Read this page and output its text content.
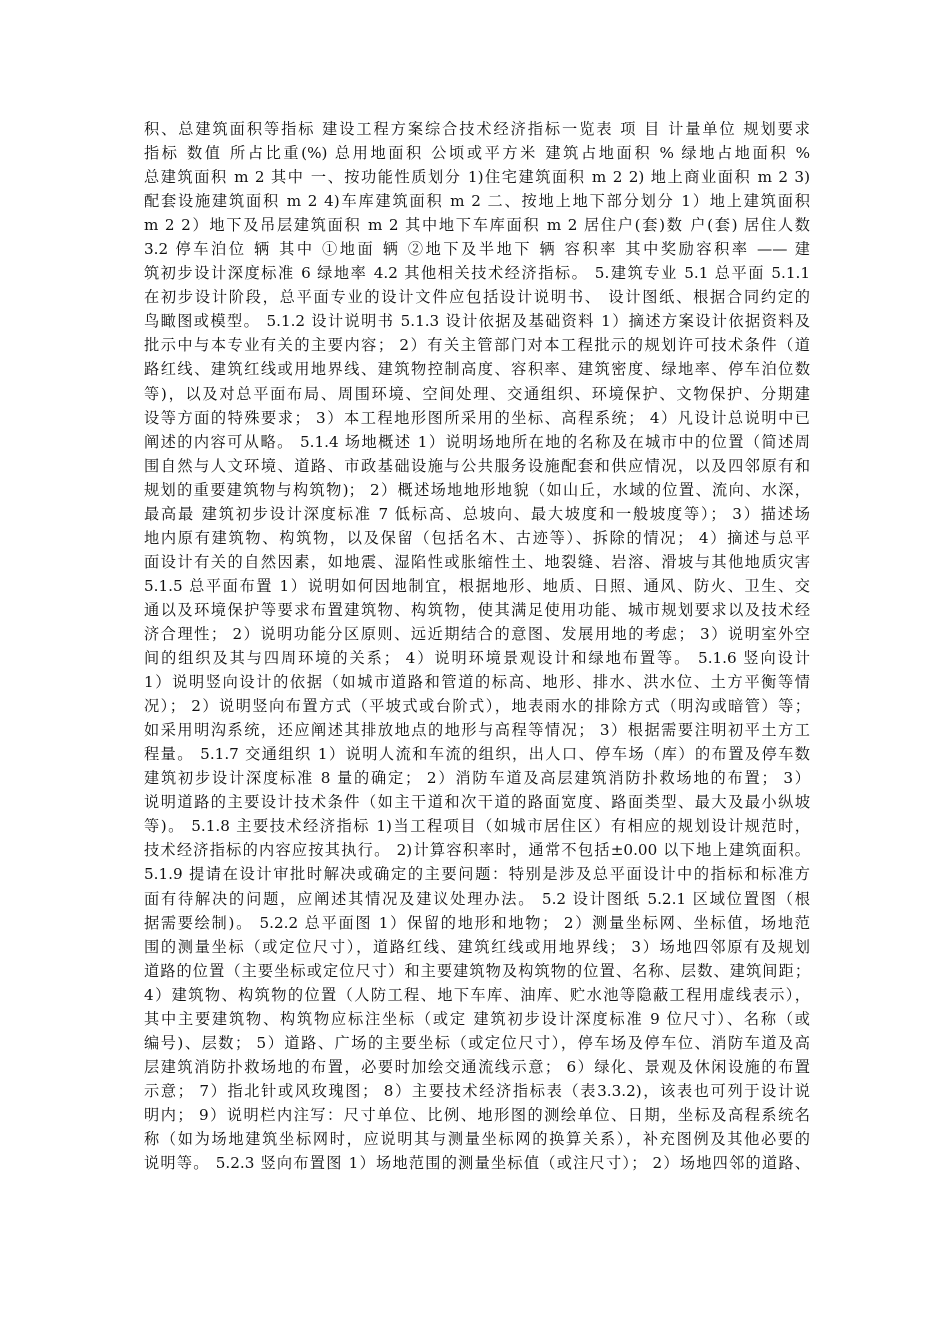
积、总建筑面积等指标 建设工程方案综合技术经济指标一览表 项 目 计量单位 规划要求
指标 数值 所占比重(%) 总用地面积 公顷或平方米 建筑占地面积 % 绿地占地面积 %
总建筑面积 m 2 其中 一、按功能性质划分 1)住宅建筑面积 m 2 2) 地上商业面积 m 2 3)
配套设施建筑面积 m 2 4)车库建筑面积 m 2 二、按地上地下部分划分 1）地上建筑面积
m 2 2）地下及吊层建筑面积 m 2 其中地下车库面积 m 2 居住户(套)数 户(套) 居住人数
3.2 停车泊位 辆 其中 ①地面 辆 ②地下及半地下 辆 容积率 其中奖励容积率 —— 建
筑初步设计深度标准 6 绿地率 4.2 其他相关技术经济指标。 5.建筑专业 5.1 总平面 5.1.1
在初步设计阶段，总平面专业的设计文件应包括设计说明书、 设计图纸、根据合同约定的
鸟瞰图或模型。 5.1.2 设计说明书 5.1.3 设计依据及基础资料 1）摘述方案设计依据资料及
批示中与本专业有关的主要内容； 2）有关主管部门对本工程批示的规划许可技术条件（道
路红线、建筑红线或用地界线、建筑物控制高度、容积率、建筑密度、绿地率、停车泊位数
等)，以及对总平面布局、周围环境、空间处理、交通组织、环境保护、文物保护、分期建
设等方面的特殊要求； 3）本工程地形图所采用的坐标、高程系统； 4）凡设计总说明中已
阐述的内容可从略。 5.1.4 场地概述 1）说明场地所在地的名称及在城市中的位置（简述周
围自然与人文环境、道路、市政基础设施与公共服务设施配套和供应情况，以及四邻原有和
规划的重要建筑物与构筑物)； 2）概述场地地形地貌（如山丘，水域的位置、流向、水深，
最高最 建筑初步设计深度标准 7 低标高、总坡向、最大坡度和一般坡度等）； 3）描述场
地内原有建筑物、构筑物，以及保留（包括名木、古迹等）、拆除的情况； 4）摘述与总平
面设计有关的自然因素，如地震、湿陷性或胀缩性土、地裂缝、岩溶、滑坡与其他地质灾害
5.1.5 总平面布置 1）说明如何因地制宜，根据地形、地质、日照、通风、防火、卫生、交
通以及环境保护等要求布置建筑物、构筑物，使其满足使用功能、城市规划要求以及技术经
济合理性； 2）说明功能分区原则、远近期结合的意图、发展用地的考虑； 3）说明室外空
间的组织及其与四周环境的关系； 4）说明环境景观设计和绿地布置等。 5.1.6 竖向设计
1）说明竖向设计的依据（如城市道路和管道的标高、地形、排水、洪水位、土方平衡等情
况）； 2）说明竖向布置方式（平坡式或台阶式），地表雨水的排除方式（明沟或暗管）等；
如采用明沟系统，还应阐述其排放地点的地形与高程等情况； 3）根据需要注明初平土方工
程量。 5.1.7 交通组织 1）说明人流和车流的组织，出人口、停车场（库）的布置及停车数
建筑初步设计深度标准 8 量的确定； 2）消防车道及高层建筑消防扑救场地的布置； 3）
说明道路的主要设计技术条件（如主干道和次干道的路面宽度、路面类型、最大及最小纵坡
等)。 5.1.8 主要技术经济指标 1)当工程项目（如城市居住区）有相应的规划设计规范时，
技术经济指标的内容应按其执行。 2)计算容积率时，通常不包括±0.00 以下地上建筑面积。
5.1.9 提请在设计审批时解决或确定的主要问题：特别是涉及总平面设计中的指标和标准方
面有待解决的问题，应阐述其情况及建议处理办法。 5.2 设计图纸 5.2.1 区域位置图（根
据需要绘制)。 5.2.2 总平面图 1）保留的地形和地物； 2）测量坐标网、坐标值，场地范
围的测量坐标（或定位尺寸），道路红线、建筑红线或用地界线； 3）场地四邻原有及规划
道路的位置（主要坐标或定位尺寸）和主要建筑物及构筑物的位置、名称、层数、建筑间距；
4）建筑物、构筑物的位置（人防工程、地下车库、油库、贮水池等隐蔽工程用虚线表示），
其中主要建筑物、构筑物应标注坐标（或定 建筑初步设计深度标准 9 位尺寸）、名称（或
编号)、层数； 5）道路、广场的主要坐标（或定位尺寸），停车场及停车位、消防车道及高
层建筑消防扑救场地的布置，必要时加绘交通流线示意； 6）绿化、景观及休闲设施的布置
示意； 7）指北针或风玫瑰图； 8）主要技术经济指标表（表3.3.2)，该表也可列于设计说
明内； 9）说明栏内注写：尺寸单位、比例、地形图的测绘单位、日期，坐标及高程系统名
称（如为场地建筑坐标网时，应说明其与测量坐标网的换算关系），补充图例及其他必要的
说明等。 5.2.3 竖向布置图 1）场地范围的测量坐标值（或注尺寸）； 2）场地四邻的道路、
